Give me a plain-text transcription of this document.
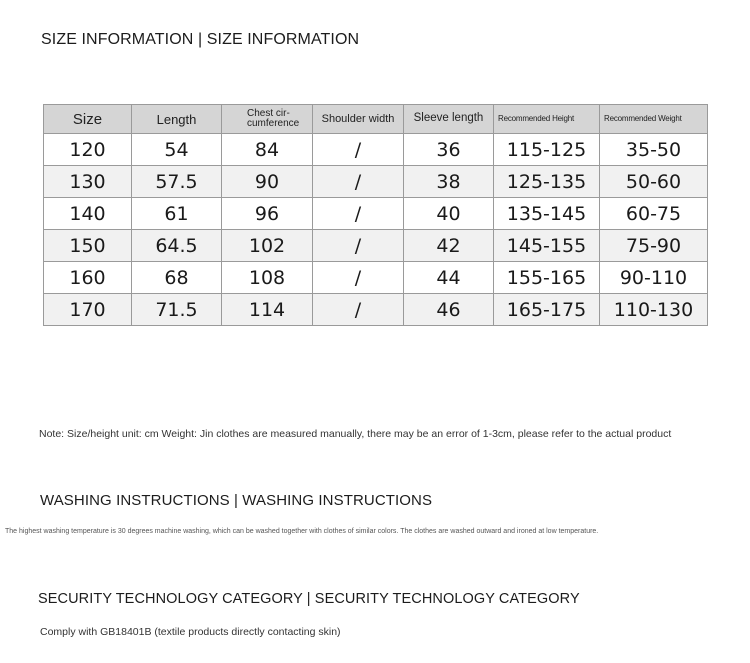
SIZE INFORMATION | SIZE INFORMATION
Size	Length	Chest cir-
cumference	Shoulder width	Sleeve length	Recommended Height	Recommended Weight
120	54	84	/	36	115-125	35-50
130	57.5	90	/	38	125-135	50-60
140	61	96	/	40	135-145	60-75
150	64.5	102	/	42	145-155	75-90
160	68	108	/	44	155-165	90-110
170	71.5	114	/	46	165-175	110-130
Note: Size/height unit: cm Weight: Jin clothes are measured manually, there may be an error of 1-3cm, please refer to the actual product
WASHING INSTRUCTIONS | WASHING INSTRUCTIONS
The highest washing temperature is 30 degrees machine washing, which can be washed together with clothes of similar colors. The clothes are washed outward and ironed at low temperature.
SECURITY TECHNOLOGY CATEGORY | SECURITY TECHNOLOGY CATEGORY
Comply with GB18401B (textile products directly contacting skin)
